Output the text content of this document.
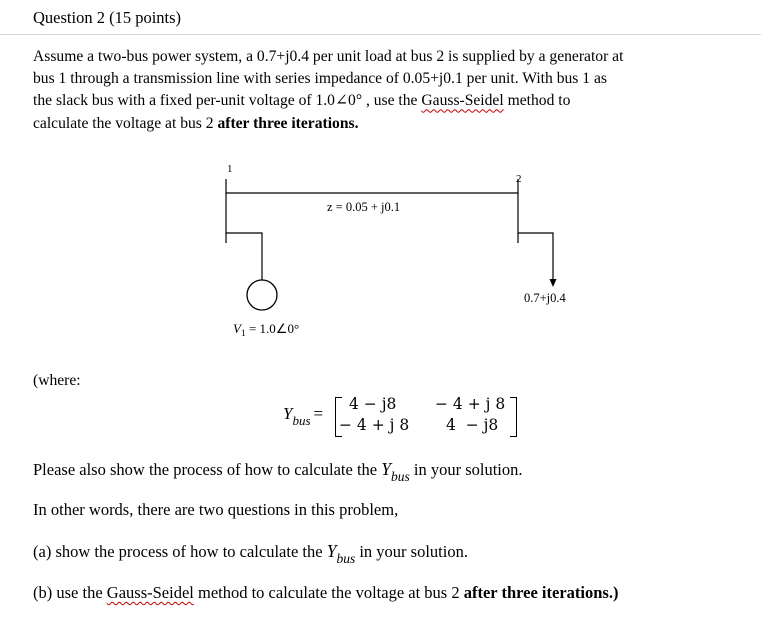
Question 2 (15 points)
Assume a two-bus power system, a 0.7+j0.4 per unit load at bus 2 is supplied by a generator at
bus 1 through a transmission line with series impedance of 0.05+j0.1 per unit. With bus 1 as
the slack bus with a fixed per-unit voltage of 1.0∠0° , use the Gauss-Seidel method to
calculate the voltage at bus 2 after three iterations.
1
2
z = 0.05 + j0.1
0.7+j0.4
$V_1$ = 1.0∠0°
(where:
$Y_{bus} = 4 - j8 - 4 + j$ 8
− 4 + j 8 4  − j8
Please also show the process of how to calculate the $Y_{bus}$ in your solution.
In other words, there are two questions in this problem,
(a) show the process of how to calculate the $Y_{bus}$ in your solution.
(b) use the Gauss-Seidel method to calculate the voltage at bus 2 after three iterations.)
